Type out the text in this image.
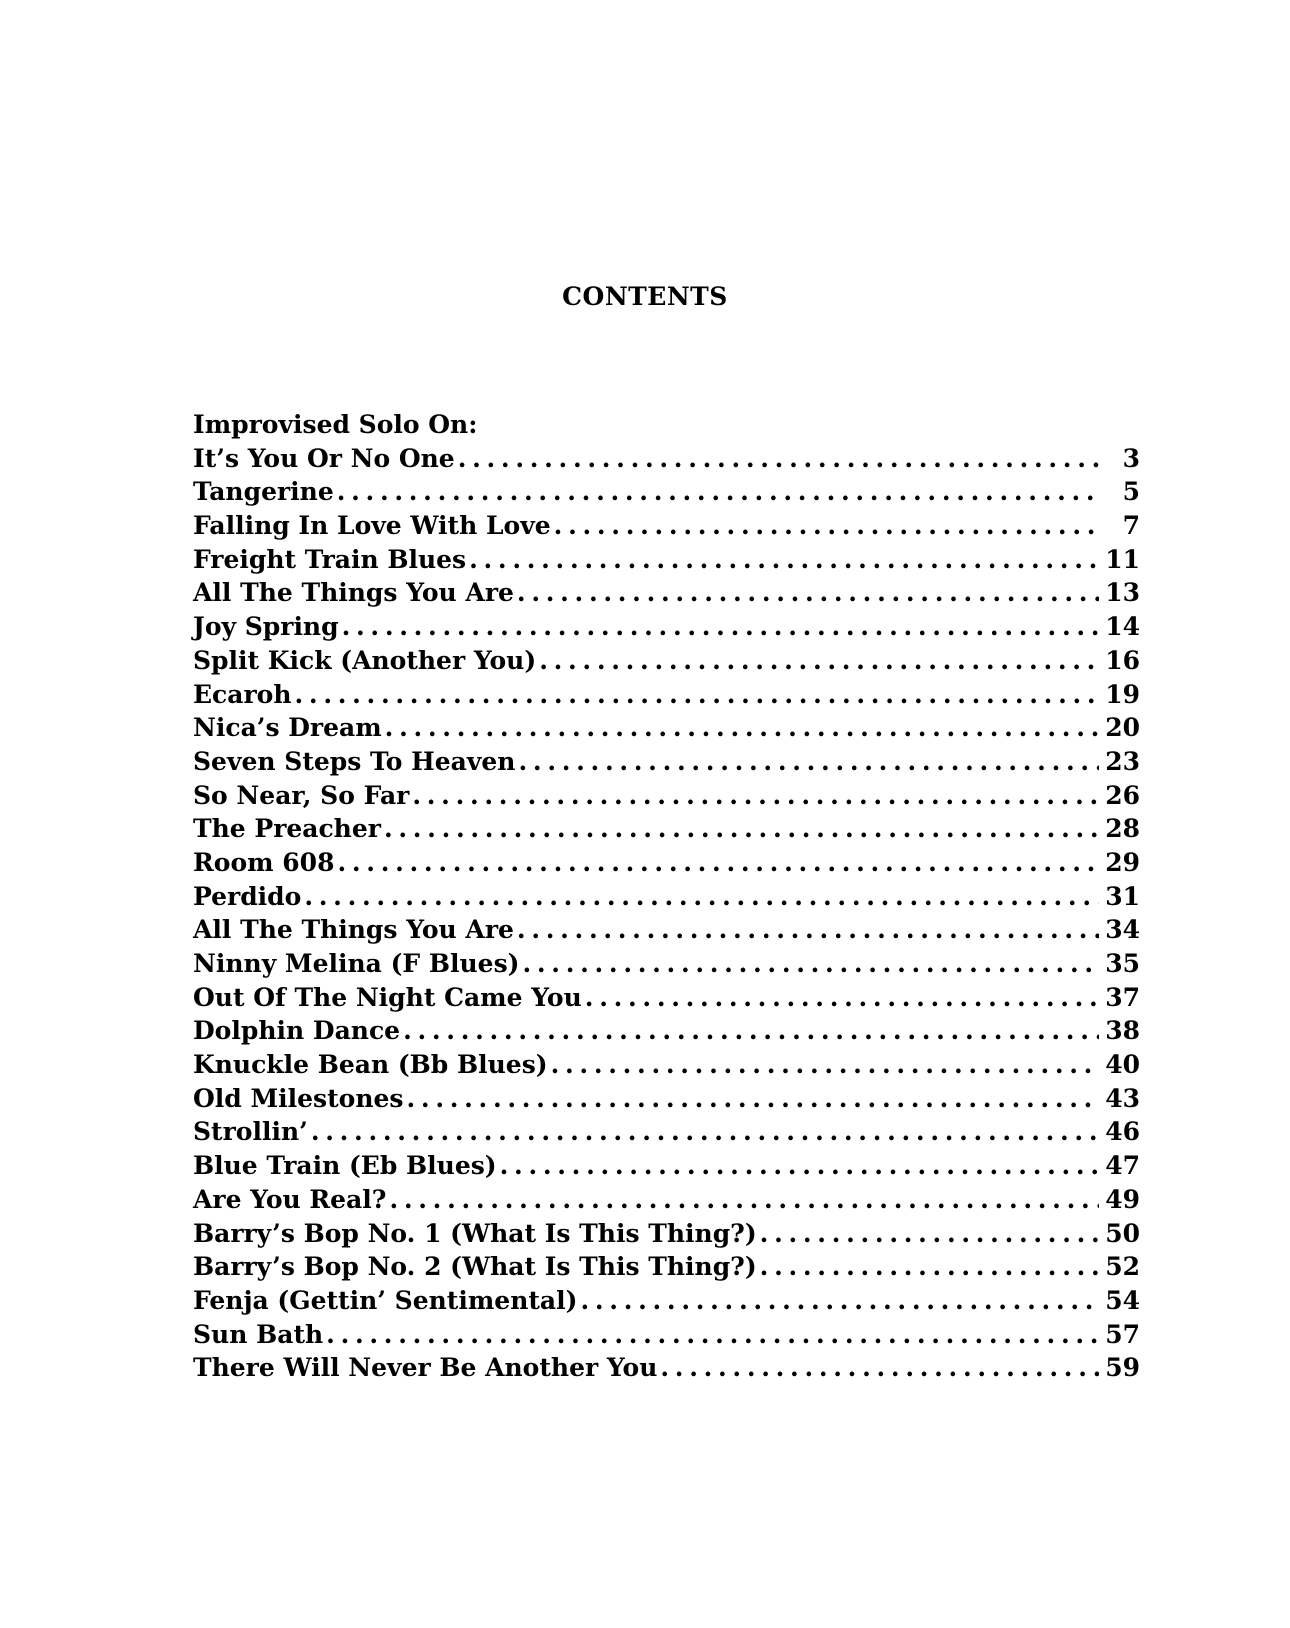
CONTENTS
Improvised Solo On:
It’s You Or No One . . .	3
Tangerine . . .	5
Falling In Love With Love . . .	7
Freight Train Blues . . .	11
All The Things You Are . . .	13
Joy Spring . . .	14
Split Kick (Another You) . . .	16
Ecaroh . . .	19
Nica’s Dream . . .	20
Seven Steps To Heaven . . .	23
So Near, So Far . . .	26
The Preacher . . .	28
Room 608 . . .	29
Perdido . . .	31
All The Things You Are . . .	34
Ninny Melina (F Blues) . . .	35
Out Of The Night Came You . . .	37
Dolphin Dance . . .	38
Knuckle Bean (Bb Blues) . . .	40
Old Milestones . . .	43
Strollin’ . . .	46
Blue Train (Eb Blues) . . .	47
Are You Real? . . .	49
Barry’s Bop No. 1 (What Is This Thing?) . . .	50
Barry’s Bop No. 2 (What Is This Thing?) . . .	52
Fenja (Gettin’ Sentimental) . . .	54
Sun Bath . . .	57
There Will Never Be Another You . . .	59
